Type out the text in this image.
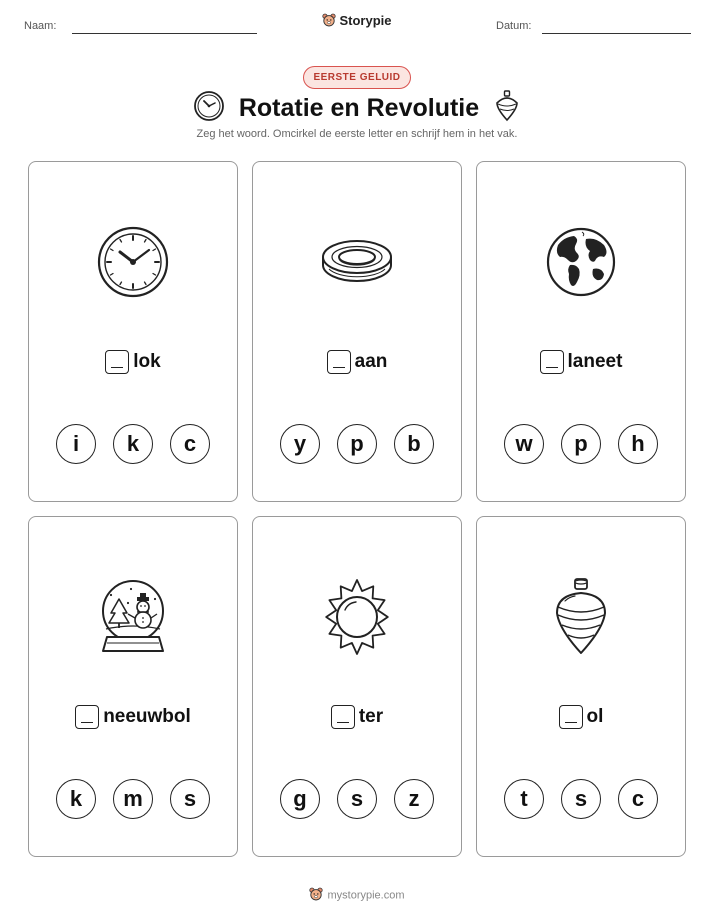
Naam:	Storypie	Datum:
EERSTE GELUID
Rotatie en Revolutie
Zeg het woord. Omcirkel de eerste letter en schrijf hem in het vak.
lok
i	k	c
aan
y	p	b
laneet
w	p	h
neeuwbol
k	m	s
ter
g	s	z
ol
t	s	c
mystorypie.com
